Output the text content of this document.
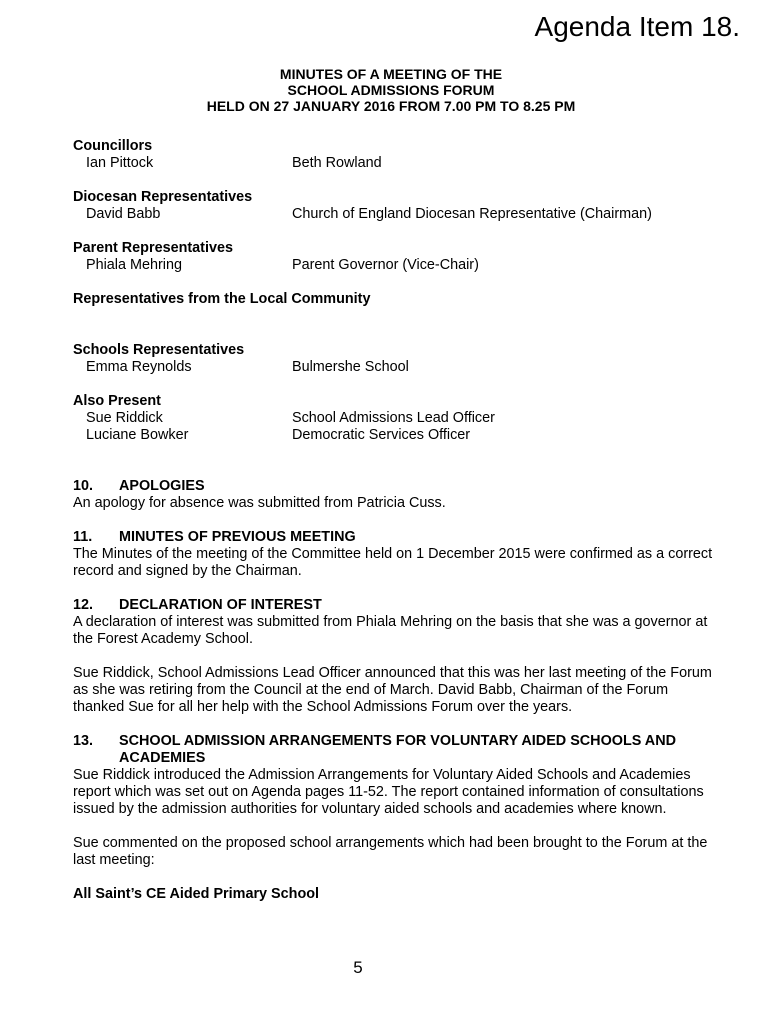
Agenda Item 18.
MINUTES OF A MEETING OF THE
SCHOOL ADMISSIONS FORUM
HELD ON 27 JANUARY 2016 FROM 7.00 PM TO 8.25 PM
Councillors
Ian Pittock	Beth Rowland
Diocesan Representatives
David Babb	Church of England Diocesan Representative (Chairman)
Parent Representatives
Phiala Mehring	Parent Governor (Vice-Chair)
Representatives from the Local Community
Schools Representatives
Emma Reynolds	Bulmershe School
Also Present
Sue Riddick	School Admissions Lead Officer
Luciane Bowker	Democratic Services Officer
10.	APOLOGIES

An apology for absence was submitted from Patricia Cuss.

11.	MINUTES OF PREVIOUS MEETING

The Minutes of the meeting of the Committee held on 1 December 2015 were confirmed as a correct record and signed by the Chairman.

12.	DECLARATION OF INTEREST

A declaration of interest was submitted from Phiala Mehring on the basis that she was a governor at the Forest Academy School.

Sue Riddick, School Admissions Lead Officer announced that this was her last meeting of the Forum as she was retiring from the Council at the end of March. David Babb, Chairman of the Forum thanked Sue for all her help with the School Admissions Forum over the years.

13.	SCHOOL ADMISSION ARRANGEMENTS FOR VOLUNTARY AIDED SCHOOLS AND ACADEMIES

Sue Riddick introduced the Admission Arrangements for Voluntary Aided Schools and Academies report which was set out on Agenda pages 11-52. The report contained information of consultations issued by the admission authorities for voluntary aided schools and academies where known.

Sue commented on the proposed school arrangements which had been brought to the Forum at the last meeting:

All Saint’s CE Aided Primary School
5
